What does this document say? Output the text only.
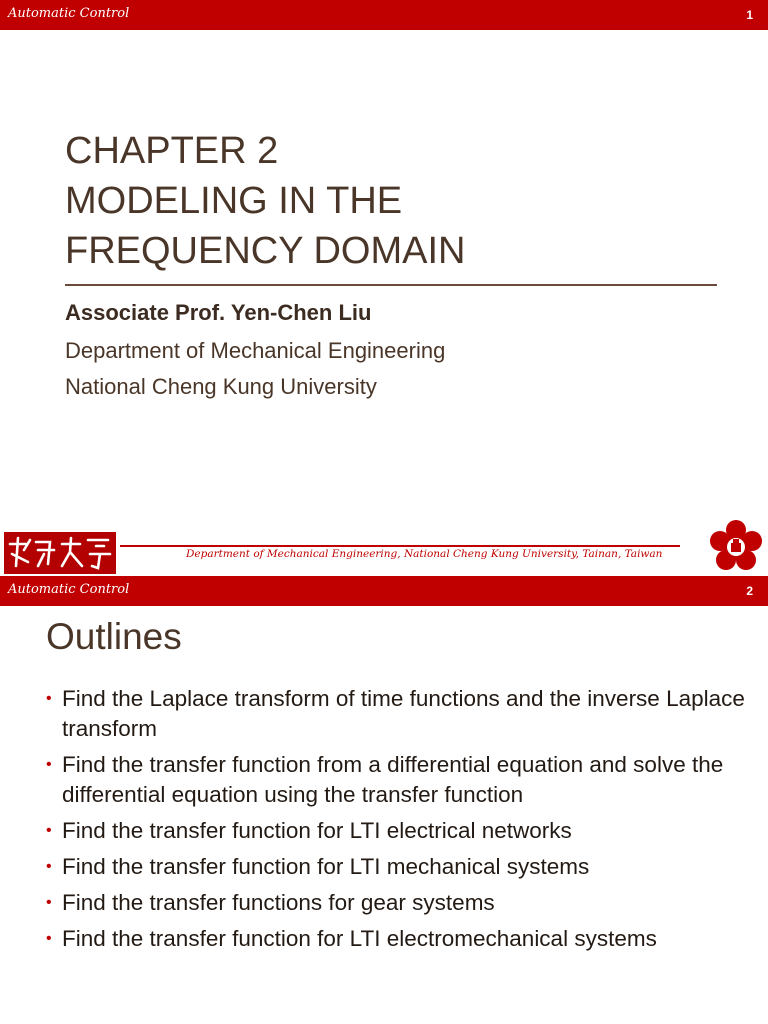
Automatic Control	1
CHAPTER 2
MODELING IN THE
FREQUENCY DOMAIN
Associate Prof. Yen-Chen Liu
Department of Mechanical Engineering
National Cheng Kung University
Department of Mechanical Engineering, National Cheng Kung University, Tainan, Taiwan
Automatic Control	2
Outlines
• Find the Laplace transform of time functions and the inverse Laplace transform
• Find the transfer function from a differential equation and solve the differential equation using the transfer function
• Find the transfer function for LTI electrical networks
• Find the transfer function for LTI mechanical systems
• Find the transfer functions for gear systems
• Find the transfer function for LTI electromechanical systems
